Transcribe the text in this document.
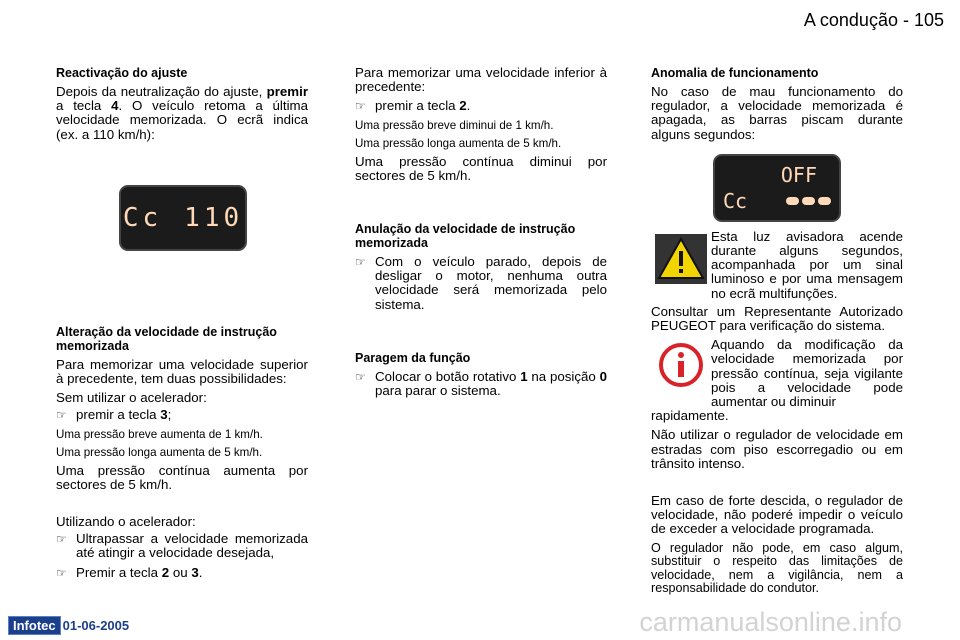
A condução - 105
Reactivação do ajuste
Depois da neutralização do ajuste, premir a tecla 4. O veículo retoma a última velocidade memorizada. O ecrã indica (ex. a 110 km/h):
Cc 110
Alteração da velocidade de instrução memorizada
Para memorizar uma velocidade superior à precedente, tem duas possibilidades:
Sem utilizar o acelerador:
☞ premir a tecla 3;
Uma pressão breve aumenta de 1 km/h.
Uma pressão longa aumenta de 5 km/h.
Uma pressão contínua aumenta por sectores de 5 km/h.
Utilizando o acelerador:
☞ Ultrapassar a velocidade memorizada até atingir a velocidade desejada,
☞ Premir a tecla 2 ou 3.
Para memorizar uma velocidade inferior à precedente:
☞ premir a tecla 2.
Uma pressão breve diminui de 1 km/h.
Uma pressão longa aumenta de 5 km/h.
Uma pressão contínua diminui por sectores de 5 km/h.
Anulação da velocidade de instrução memorizada
☞ Com o veículo parado, depois de desligar o motor, nenhuma outra velocidade será memorizada pelo sistema.
Paragem da função
☞ Colocar o botão rotativo 1 na posição 0 para parar o sistema.
Anomalia de funcionamento
No caso de mau funcionamento do regulador, a velocidade memorizada é apagada, as barras piscam durante alguns segundos:
OFF
Cc
Esta luz avisadora acende durante alguns segundos, acompanhada por um sinal luminoso e por uma mensagem no ecrã multifunções.
Consultar um Representante Autorizado PEUGEOT para verificação do sistema.
Aquando da modificação da velocidade memorizada por pressão contínua, seja vigilante pois a velocidade pode aumentar ou diminuir
rapidamente.
Não utilizar o regulador de velocidade em estradas com piso escorregadio ou em trânsito intenso.
Em caso de forte descida, o regulador de velocidade, não poderé impedir o veículo de exceder a velocidade programada.
O regulador não pode, em caso algum, substituir o respeito das limitações de velocidade, nem a vigilância, nem a responsabilidade do condutor.
Infotec 01-06-2005	carmanualsonline.info
